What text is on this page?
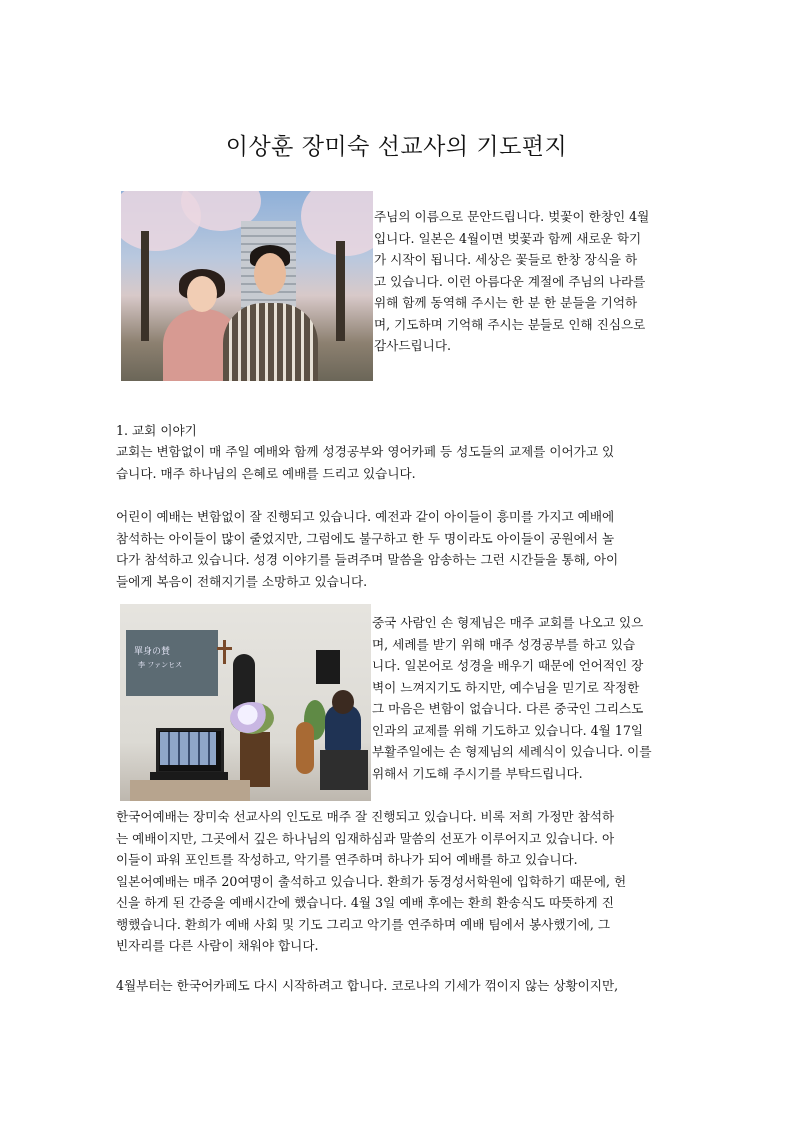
이상훈 장미숙 선교사의 기도편지
주님의 이름으로 문안드립니다. 벚꽃이 한창인 4월
입니다. 일본은 4월이면 벚꽃과 함께 새로운 학기
가 시작이 됩니다. 세상은 꽃들로 한창 장식을 하
고 있습니다. 이런 아름다운 계절에 주님의 나라를
위해 함께 동역해 주시는 한 분 한 분들을 기억하
며, 기도하며 기억해 주시는 분들로 인해 진심으로
감사드립니다.
1. 교회 이야기
교회는 변함없이 매 주일 예배와 함께 성경공부와 영어카페 등 성도들의 교제를 이어가고 있
습니다. 매주 하나님의 은혜로 예배를 드리고 있습니다.
어린이 예배는 변함없이 잘 진행되고 있습니다. 예전과 같이 아이들이 흥미를 가지고 예배에
참석하는 아이들이 많이 줄었지만, 그럼에도 불구하고 한 두 명이라도 아이들이 공원에서 놀
다가 참석하고 있습니다. 성경 이야기를 들려주며 말씀을 암송하는 그런 시간들을 통해, 아이
들에게 복음이 전해지기를 소망하고 있습니다.
單身の賛
李 ファンヒス
중국 사람인 손 형제님은 매주 교회를 나오고 있으
며, 세례를 받기 위해 매주 성경공부를 하고 있습
니다. 일본어로 성경을 배우기 때문에 언어적인 장
벽이 느껴지기도 하지만, 예수님을 믿기로 작정한
그 마음은 변함이 없습니다. 다른 중국인 그리스도
인과의 교제를 위해 기도하고 있습니다. 4월 17일
부활주일에는 손 형제님의 세례식이 있습니다. 이를
위해서 기도해 주시기를 부탁드립니다.
한국어예배는 장미숙 선교사의 인도로 매주 잘 진행되고 있습니다. 비록 저희 가정만 참석하
는 예배이지만, 그곳에서 깊은 하나님의 임재하심과 말씀의 선포가 이루어지고 있습니다. 아
이들이 파워 포인트를 작성하고, 악기를 연주하며 하나가 되어 예배를 하고 있습니다.
일본어예배는 매주 20여명이 출석하고 있습니다. 환희가 동경성서학원에 입학하기 때문에, 헌
신을 하게 된 간증을 예배시간에 했습니다. 4월 3일 예배 후에는 환희 환송식도 따뜻하게 진
행했습니다. 환희가 예배 사회 및 기도 그리고 악기를 연주하며 예배 팀에서 봉사했기에, 그
빈자리를 다른 사람이 채워야 합니다.
4월부터는 한국어카페도 다시 시작하려고 합니다. 코로나의 기세가 꺾이지 않는 상황이지만,
